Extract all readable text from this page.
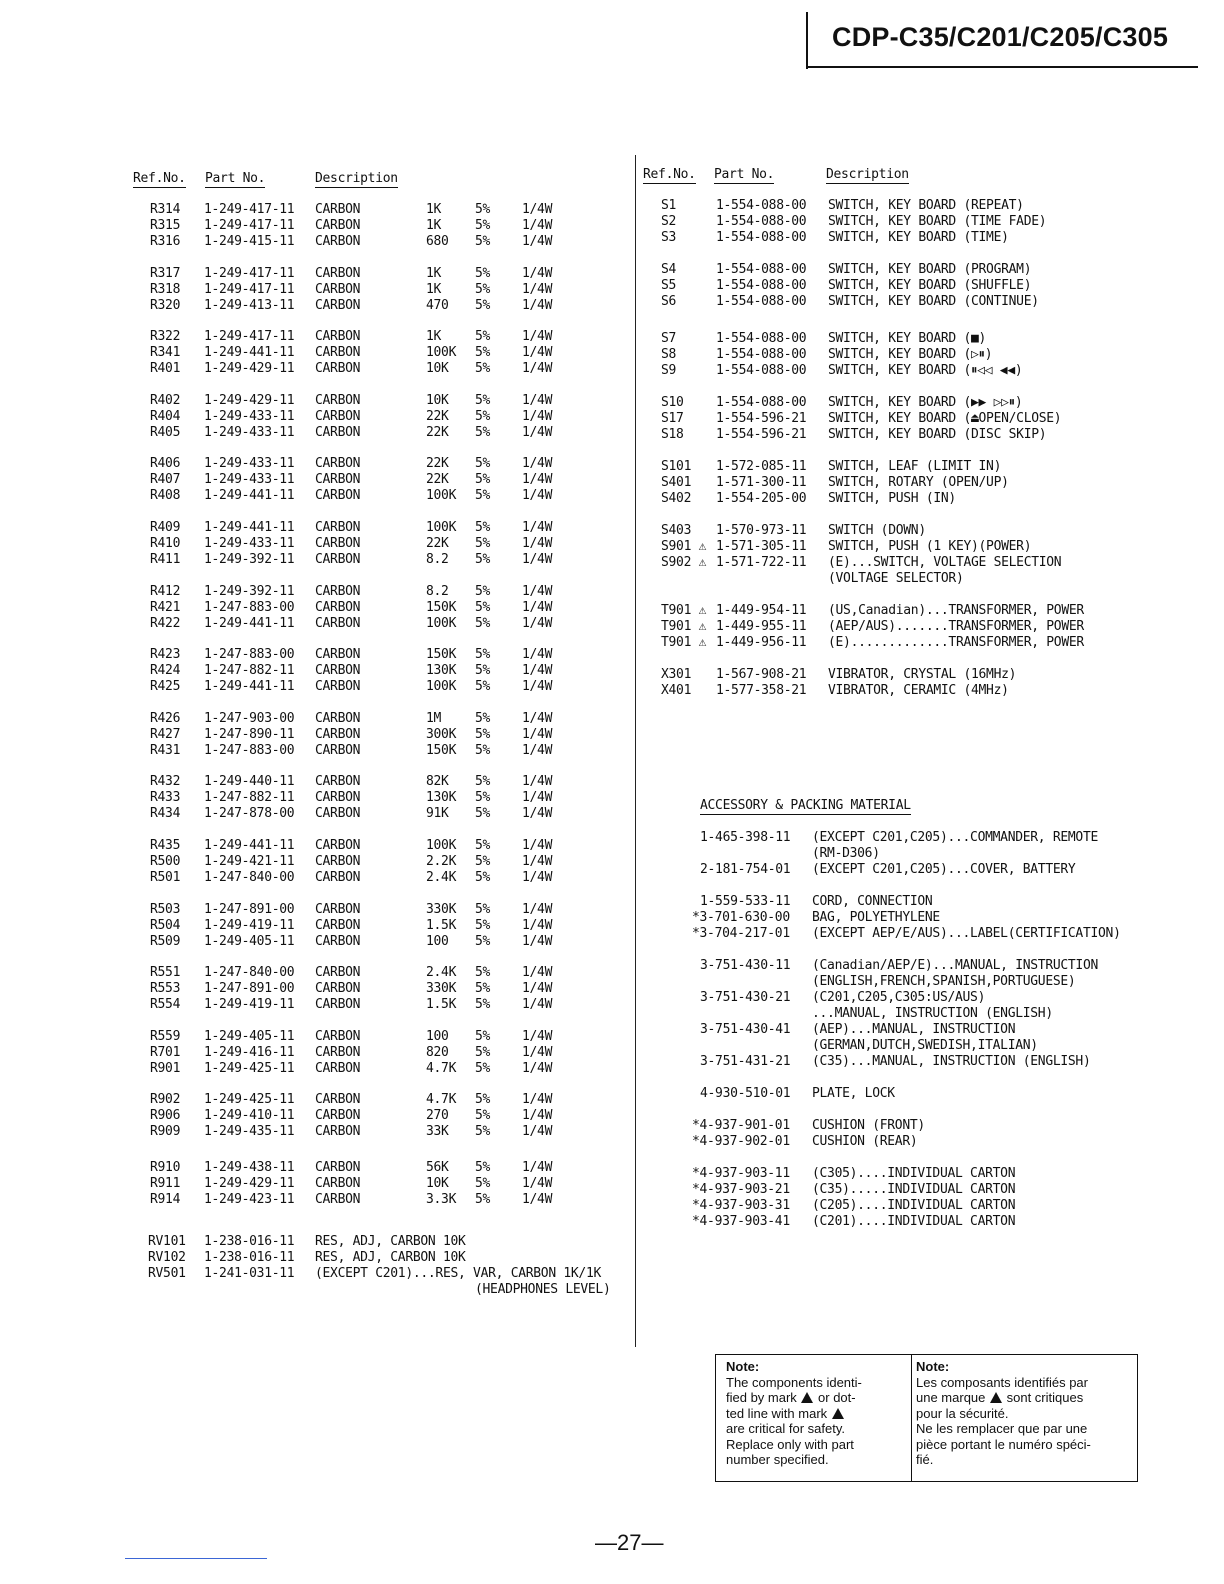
CDP-C35/C201/C205/C305
Ref.No. Part No.	Description	Ref.No. Part No.	Description
R314 1-249-417-11 CARBON	1K	5% 1/4W
R315 1-249-417-11 CARBON	1K	5% 1/4W
R316 1-249-415-11 CARBON	680 5% 1/4W
R317 1-249-417-11 CARBON	1K	5% 1/4W
R318 1-249-417-11 CARBON	1K	5% 1/4W
R320 1-249-413-11 CARBON	470 5% 1/4W
R322 1-249-417-11 CARBON	1K	5% 1/4W
R341 1-249-441-11 CARBON	100K 5% 1/4W
R401 1-249-429-11 CARBON	10K 5% 1/4W
R402 1-249-429-11 CARBON	10K 5% 1/4W
R404 1-249-433-11 CARBON	22K 5% 1/4W
R405 1-249-433-11 CARBON	22K 5% 1/4W
R406 1-249-433-11 CARBON	22K 5% 1/4W
R407 1-249-433-11 CARBON	22K 5% 1/4W
R408 1-249-441-11 CARBON	100K 5% 1/4W
R409 1-249-441-11 CARBON	100K 5% 1/4W
R410 1-249-433-11 CARBON	22K 5% 1/4W
R411 1-249-392-11 CARBON	8.2 5% 1/4W
R412 1-249-392-11 CARBON	8.2 5% 1/4W
R421 1-247-883-00 CARBON	150K 5% 1/4W
R422 1-249-441-11 CARBON	100K 5% 1/4W
R423 1-247-883-00 CARBON	150K 5% 1/4W
R424 1-247-882-11 CARBON	130K 5% 1/4W
R425 1-249-441-11 CARBON	100K 5% 1/4W
R426 1-247-903-00 CARBON	1M	5% 1/4W
R427 1-247-890-11 CARBON	300K 5% 1/4W
R431 1-247-883-00 CARBON	150K 5% 1/4W
R432 1-249-440-11 CARBON	82K 5% 1/4W
R433 1-247-882-11 CARBON	130K 5% 1/4W
R434 1-247-878-00 CARBON	91K 5% 1/4W
R435 1-249-441-11 CARBON	100K 5% 1/4W
R500 1-249-421-11 CARBON	2.2K 5% 1/4W
R501 1-247-840-00 CARBON	2.4K 5% 1/4W
R503 1-247-891-00 CARBON	330K 5% 1/4W
R504 1-249-419-11 CARBON	1.5K 5% 1/4W
R509 1-249-405-11 CARBON	100 5% 1/4W
R551 1-247-840-00 CARBON	2.4K 5% 1/4W
R553 1-247-891-00 CARBON	330K 5% 1/4W
R554 1-249-419-11 CARBON	1.5K 5% 1/4W
R559 1-249-405-11 CARBON	100 5% 1/4W
R701 1-249-416-11 CARBON	820 5% 1/4W
R901 1-249-425-11 CARBON	4.7K 5% 1/4W
R902 1-249-425-11 CARBON	4.7K 5% 1/4W
R906 1-249-410-11 CARBON	270 5% 1/4W
R909 1-249-435-11 CARBON	33K 5% 1/4W
R910 1-249-438-11 CARBON	56K 5% 1/4W
R911 1-249-429-11 CARBON	10K 5% 1/4W
R914 1-249-423-11 CARBON	3.3K 5% 1/4W
RV101 1-238-016-11 RES, ADJ, CARBON 10K
RV102 1-238-016-11 RES, ADJ, CARBON 10K
RV501 1-241-031-11 (EXCEPT C201)...RES, VAR, CARBON 1K/1K
(HEADPHONES LEVEL)
S1	1-554-088-00 SWITCH, KEY BOARD (REPEAT)
S2	1-554-088-00 SWITCH, KEY BOARD (TIME FADE)
S3	1-554-088-00 SWITCH, KEY BOARD (TIME)
S4	1-554-088-00 SWITCH, KEY BOARD (PROGRAM)
S5	1-554-088-00 SWITCH, KEY BOARD (SHUFFLE)
S6	1-554-088-00 SWITCH, KEY BOARD (CONTINUE)
S7	1-554-088-00 SWITCH, KEY BOARD (■)
S8	1-554-088-00 SWITCH, KEY BOARD (▷⏸)
S9	1-554-088-00 SWITCH, KEY BOARD (⏸◁◁ ◀◀)
S10 1-554-088-00 SWITCH, KEY BOARD (▶▶ ▷▷⏸)
S17 1-554-596-21 SWITCH, KEY BOARD (⏏OPEN/CLOSE)
S18 1-554-596-21 SWITCH, KEY BOARD (DISC SKIP)
S101 1-572-085-11 SWITCH, LEAF (LIMIT IN)
S401 1-571-300-11 SWITCH, ROTARY (OPEN/UP)
S402 1-554-205-00 SWITCH, PUSH (IN)
S403 1-570-973-11 SWITCH (DOWN)
S901 ⚠ 1-571-305-11 SWITCH, PUSH (1 KEY)(POWER)
S902 ⚠ 1-571-722-11 (E)...SWITCH, VOLTAGE SELECTION
(VOLTAGE SELECTOR)
T901 ⚠ 1-449-954-11 (US,Canadian)...TRANSFORMER, POWER
T901 ⚠ 1-449-955-11 (AEP/AUS).......TRANSFORMER, POWER
T901 ⚠ 1-449-956-11 (E).............TRANSFORMER, POWER
X301 1-567-908-21 VIBRATOR, CRYSTAL (16MHz)
X401 1-577-358-21 VIBRATOR, CERAMIC (4MHz)
ACCESSORY & PACKING MATERIAL
1-465-398-11 (EXCEPT C201,C205)...COMMANDER, REMOTE
(RM-D306)
2-181-754-01 (EXCEPT C201,C205)...COVER, BATTERY
1-559-533-11 CORD, CONNECTION
*3-701-630-00 BAG, POLYETHYLENE
*3-704-217-01 (EXCEPT AEP/E/AUS)...LABEL(CERTIFICATION)
3-751-430-11 (Canadian/AEP/E)...MANUAL, INSTRUCTION
(ENGLISH,FRENCH,SPANISH,PORTUGUESE)
3-751-430-21 (C201,C205,C305:US/AUS)
...MANUAL, INSTRUCTION (ENGLISH)
3-751-430-41 (AEP)...MANUAL, INSTRUCTION
(GERMAN,DUTCH,SWEDISH,ITALIAN)
3-751-431-21 (C35)...MANUAL, INSTRUCTION (ENGLISH)
4-930-510-01 PLATE, LOCK
*4-937-901-01 CUSHION (FRONT)
*4-937-902-01 CUSHION (REAR)
*4-937-903-11 (C305)....INDIVIDUAL CARTON
*4-937-903-21 (C35).....INDIVIDUAL CARTON
*4-937-903-31 (C205)....INDIVIDUAL CARTON
*4-937-903-41 (C201)....INDIVIDUAL CARTON
Note:
The components identi-
fied by mark  or dot-
ted line with mark
are critical for safety.
Replace only with part
number specified.
Note:
Les composants identifiés par
une marque  sont critiques
pour la sécurité.
Ne les remplacer que par une
pièce portant le numéro spéci-
fié.
—27—
